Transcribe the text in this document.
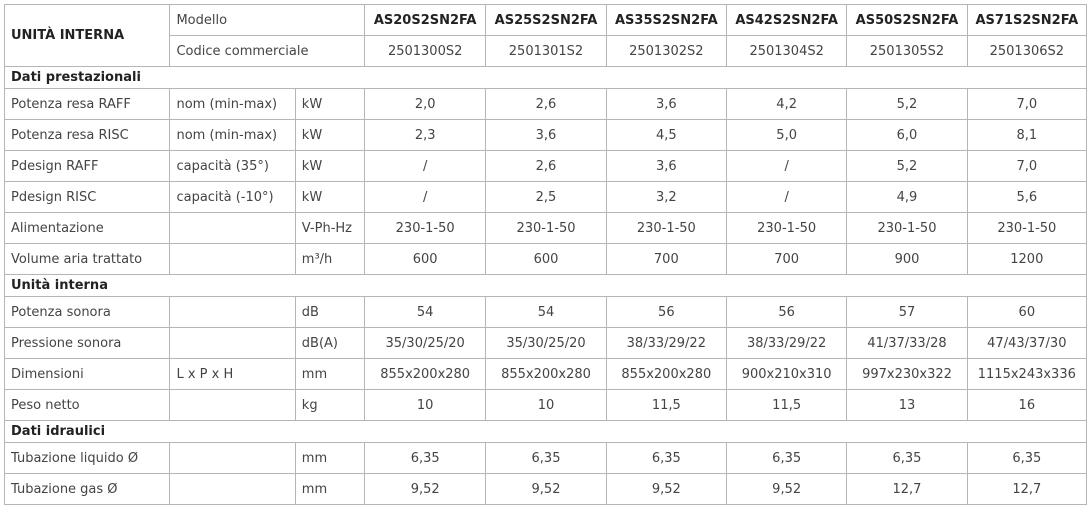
UNITÀ INTERNA	Modello		AS20S2SN2FA	AS25S2SN2FA	AS35S2SN2FA	AS42S2SN2FA	AS50S2SN2FA	AS71S2SN2FA
	Codice commerciale		2501300S2	2501301S2	2501302S2	2501304S2	2501305S2	2501306S2
Dati prestazionali								
Potenza resa RAFF	nom (min-max)	kW	2,0	2,6	3,6	4,2	5,2	7,0
Potenza resa RISC	nom (min-max)	kW	2,3	3,6	4,5	5,0	6,0	8,1
Pdesign RAFF	capacità (35°)	kW	/	2,6	3,6	/	5,2	7,0
Pdesign RISC	capacità (-10°)	kW	/	2,5	3,2	/	4,9	5,6
Alimentazione		V-Ph-Hz	230-1-50	230-1-50	230-1-50	230-1-50	230-1-50	230-1-50
Volume aria trattato		m³/h	600	600	700	700	900	1200
Unità interna								
Potenza sonora		dB	54	54	56	56	57	60
Pressione sonora		dB(A)	35/30/25/20	35/30/25/20	38/33/29/22	38/33/29/22	41/37/33/28	47/43/37/30
Dimensioni	L x P x H	mm	855x200x280	855x200x280	855x200x280	900x210x310	997x230x322	1115x243x336
Peso netto		kg	10	10	11,5	11,5	13	16
Dati idraulici								
Tubazione liquido Ø		mm	6,35	6,35	6,35	6,35	6,35	6,35
Tubazione gas Ø		mm	9,52	9,52	9,52	9,52	12,7	12,7
